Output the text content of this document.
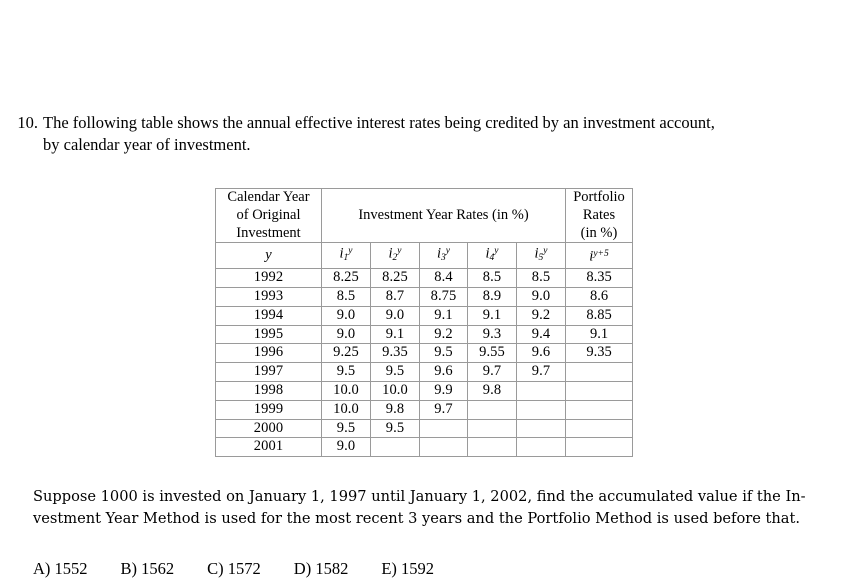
10. The following table shows the annual effective interest rates being credited by an investment account,
by calendar year of investment.
Calendar Year
of Original
Investment	Investment Year Rates (in %)					Portfolio
Rates
(in %)

y	$i_1^y$	$i_2^y$	$i_3^y$	$i_4^y$	$i_5^y$	$i^{y+5}$
1992	8.25	8.25	8.4	8.5	8.5	8.35
1993	8.5	8.7	8.75	8.9	9.0	8.6
1994	9.0	9.0	9.1	9.1	9.2	8.85
1995	9.0	9.1	9.2	9.3	9.4	9.1
1996	9.25	9.35	9.5	9.55	9.6	9.35
1997	9.5	9.5	9.6	9.7	9.7	
1998	10.0	10.0	9.9	9.8		
1999	10.0	9.8	9.7			
2000	9.5	9.5				
2001	9.0					
Suppose 1000 is invested on January 1, 1997 until January 1, 2002, find the accumulated value if the In-
vestment Year Method is used for the most recent 3 years and the Portfolio Method is used before that.
A) 1552 B) 1562 C) 1572 D) 1582 E) 1592
